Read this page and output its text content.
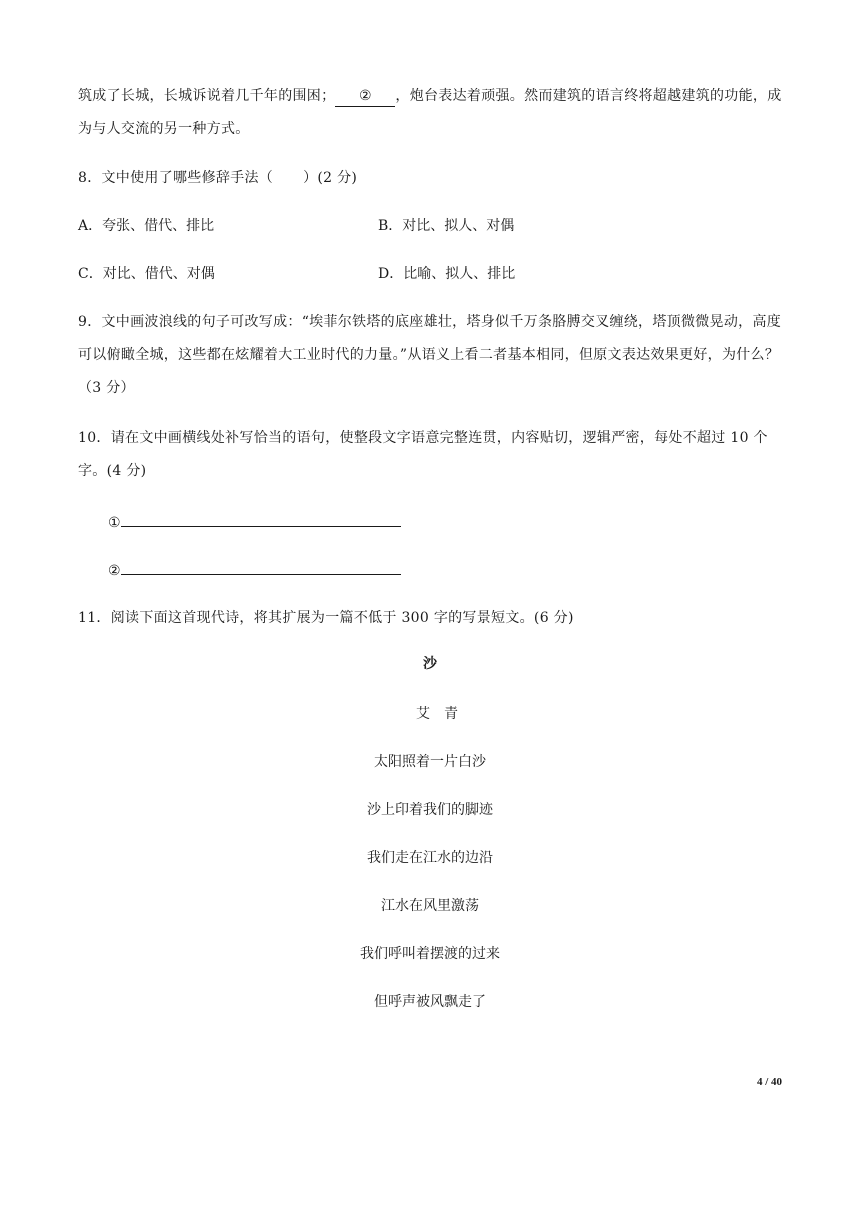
筑成了长城，长城诉说着几千年的围困； ② ，炮台表达着顽强。然而建筑的语言终将超越建筑的功能，成为与人交流的另一种方式。
8．文中使用了哪些修辞手法（ ）(2 分)
A．夸张、借代、排比	B．对比、拟人、对偶
C．对比、借代、对偶	D．比喻、拟人、排比
9．文中画波浪线的句子可改写成：“埃菲尔铁塔的底座雄壮，塔身似千万条胳膊交叉缠绕，塔顶微微晃动，高度可以俯瞰全城，这些都在炫耀着大工业时代的力量。”从语义上看二者基本相同，但原文表达效果更好，为什么？（3 分）
10．请在文中画横线处补写恰当的语句，使整段文字语意完整连贯，内容贴切，逻辑严密，每处不超过 10 个字。(4 分)
①
②
11．阅读下面这首现代诗，将其扩展为一篇不低于 300 字的写景短文。(6 分)
沙
艾青
太阳照着一片白沙
沙上印着我们的脚迹
我们走在江水的边沿
江水在风里激荡
我们呼叫着摆渡的过来
但呼声被风飘走了
4 / 40
